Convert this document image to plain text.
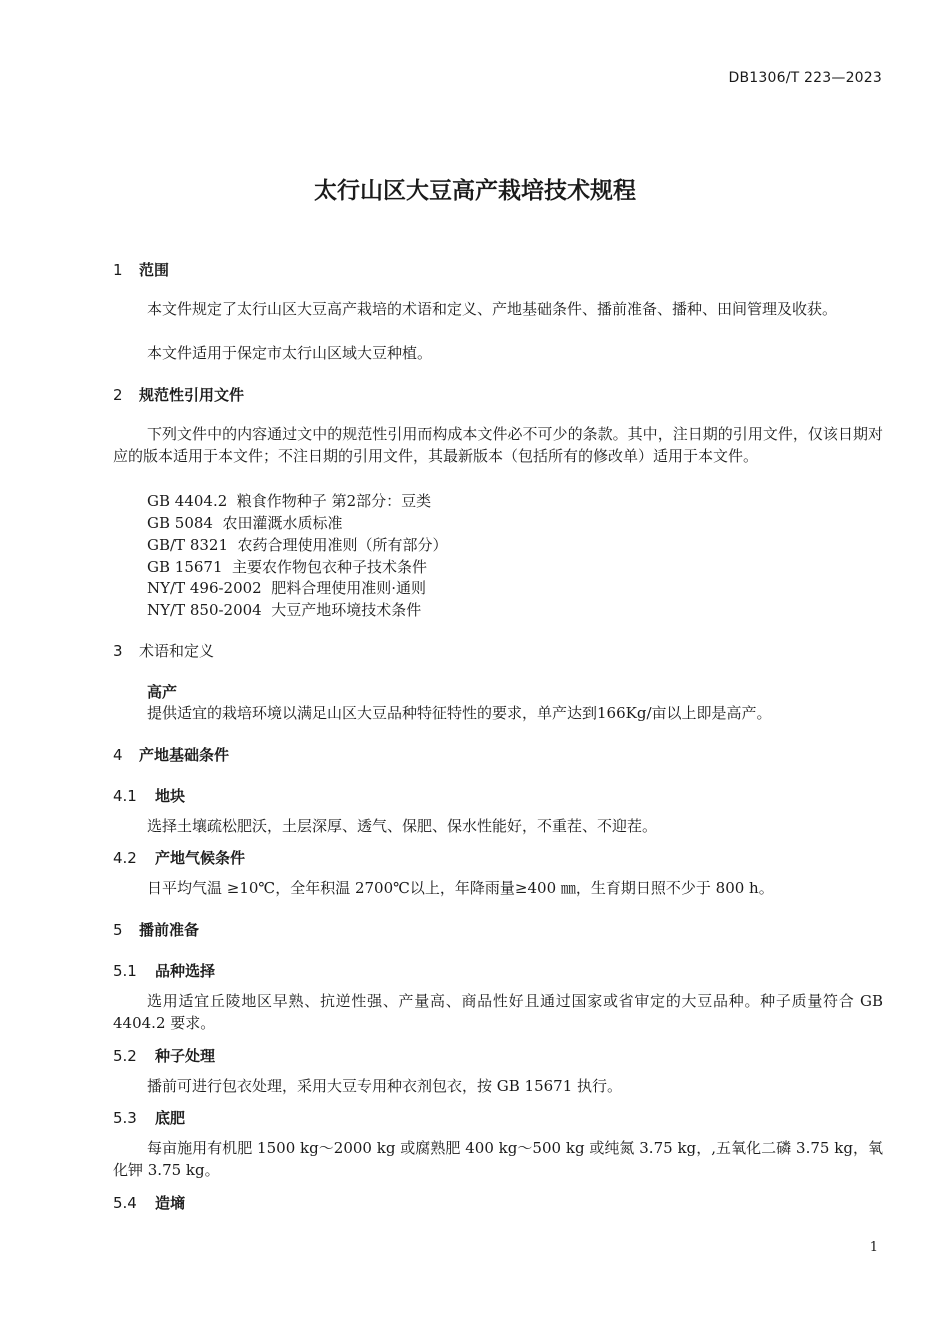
DB1306/T 223—2023
太行山区大豆高产栽培技术规程
1 范围
本文件规定了太行山区大豆高产栽培的术语和定义、产地基础条件、播前准备、播种、田间管理及收获。
本文件适用于保定市太行山区域大豆种植。
2 规范性引用文件
下列文件中的内容通过文中的规范性引用而构成本文件必不可少的条款。其中，注日期的引用文件，仅该日期对应的版本适用于本文件；不注日期的引用文件，其最新版本（包括所有的修改单）适用于本文件。
GB 4404.2  粮食作物种子 第2部分：豆类
GB 5084  农田灌溉水质标准
GB/T 8321  农药合理使用准则（所有部分）
GB 15671  主要农作物包衣种子技术条件
NY/T 496-2002  肥料合理使用准则·通则
NY/T 850-2004  大豆产地环境技术条件
3 术语和定义
高产
提供适宜的栽培环境以满足山区大豆品种特征特性的要求，单产达到166Kg/亩以上即是高产。
4 产地基础条件
4.1 地块
选择土壤疏松肥沃，土层深厚、透气、保肥、保水性能好，不重茬、不迎茬。
4.2 产地气候条件
日平均气温 ≥10℃，全年积温 2700℃以上，年降雨量≥400 ㎜，生育期日照不少于 800 h。
5 播前准备
5.1 品种选择
选用适宜丘陵地区早熟、抗逆性强、产量高、商品性好且通过国家或省审定的大豆品种。种子质量符合 GB 4404.2 要求。
5.2 种子处理
播前可进行包衣处理，采用大豆专用种衣剂包衣，按 GB 15671 执行。
5.3 底肥
每亩施用有机肥 1500 kg～2000 kg 或腐熟肥 400 kg～500 kg 或纯氮 3.75 kg，,五氧化二磷 3.75 kg，氧化钾 3.75 kg。
5.4 造墒
1
